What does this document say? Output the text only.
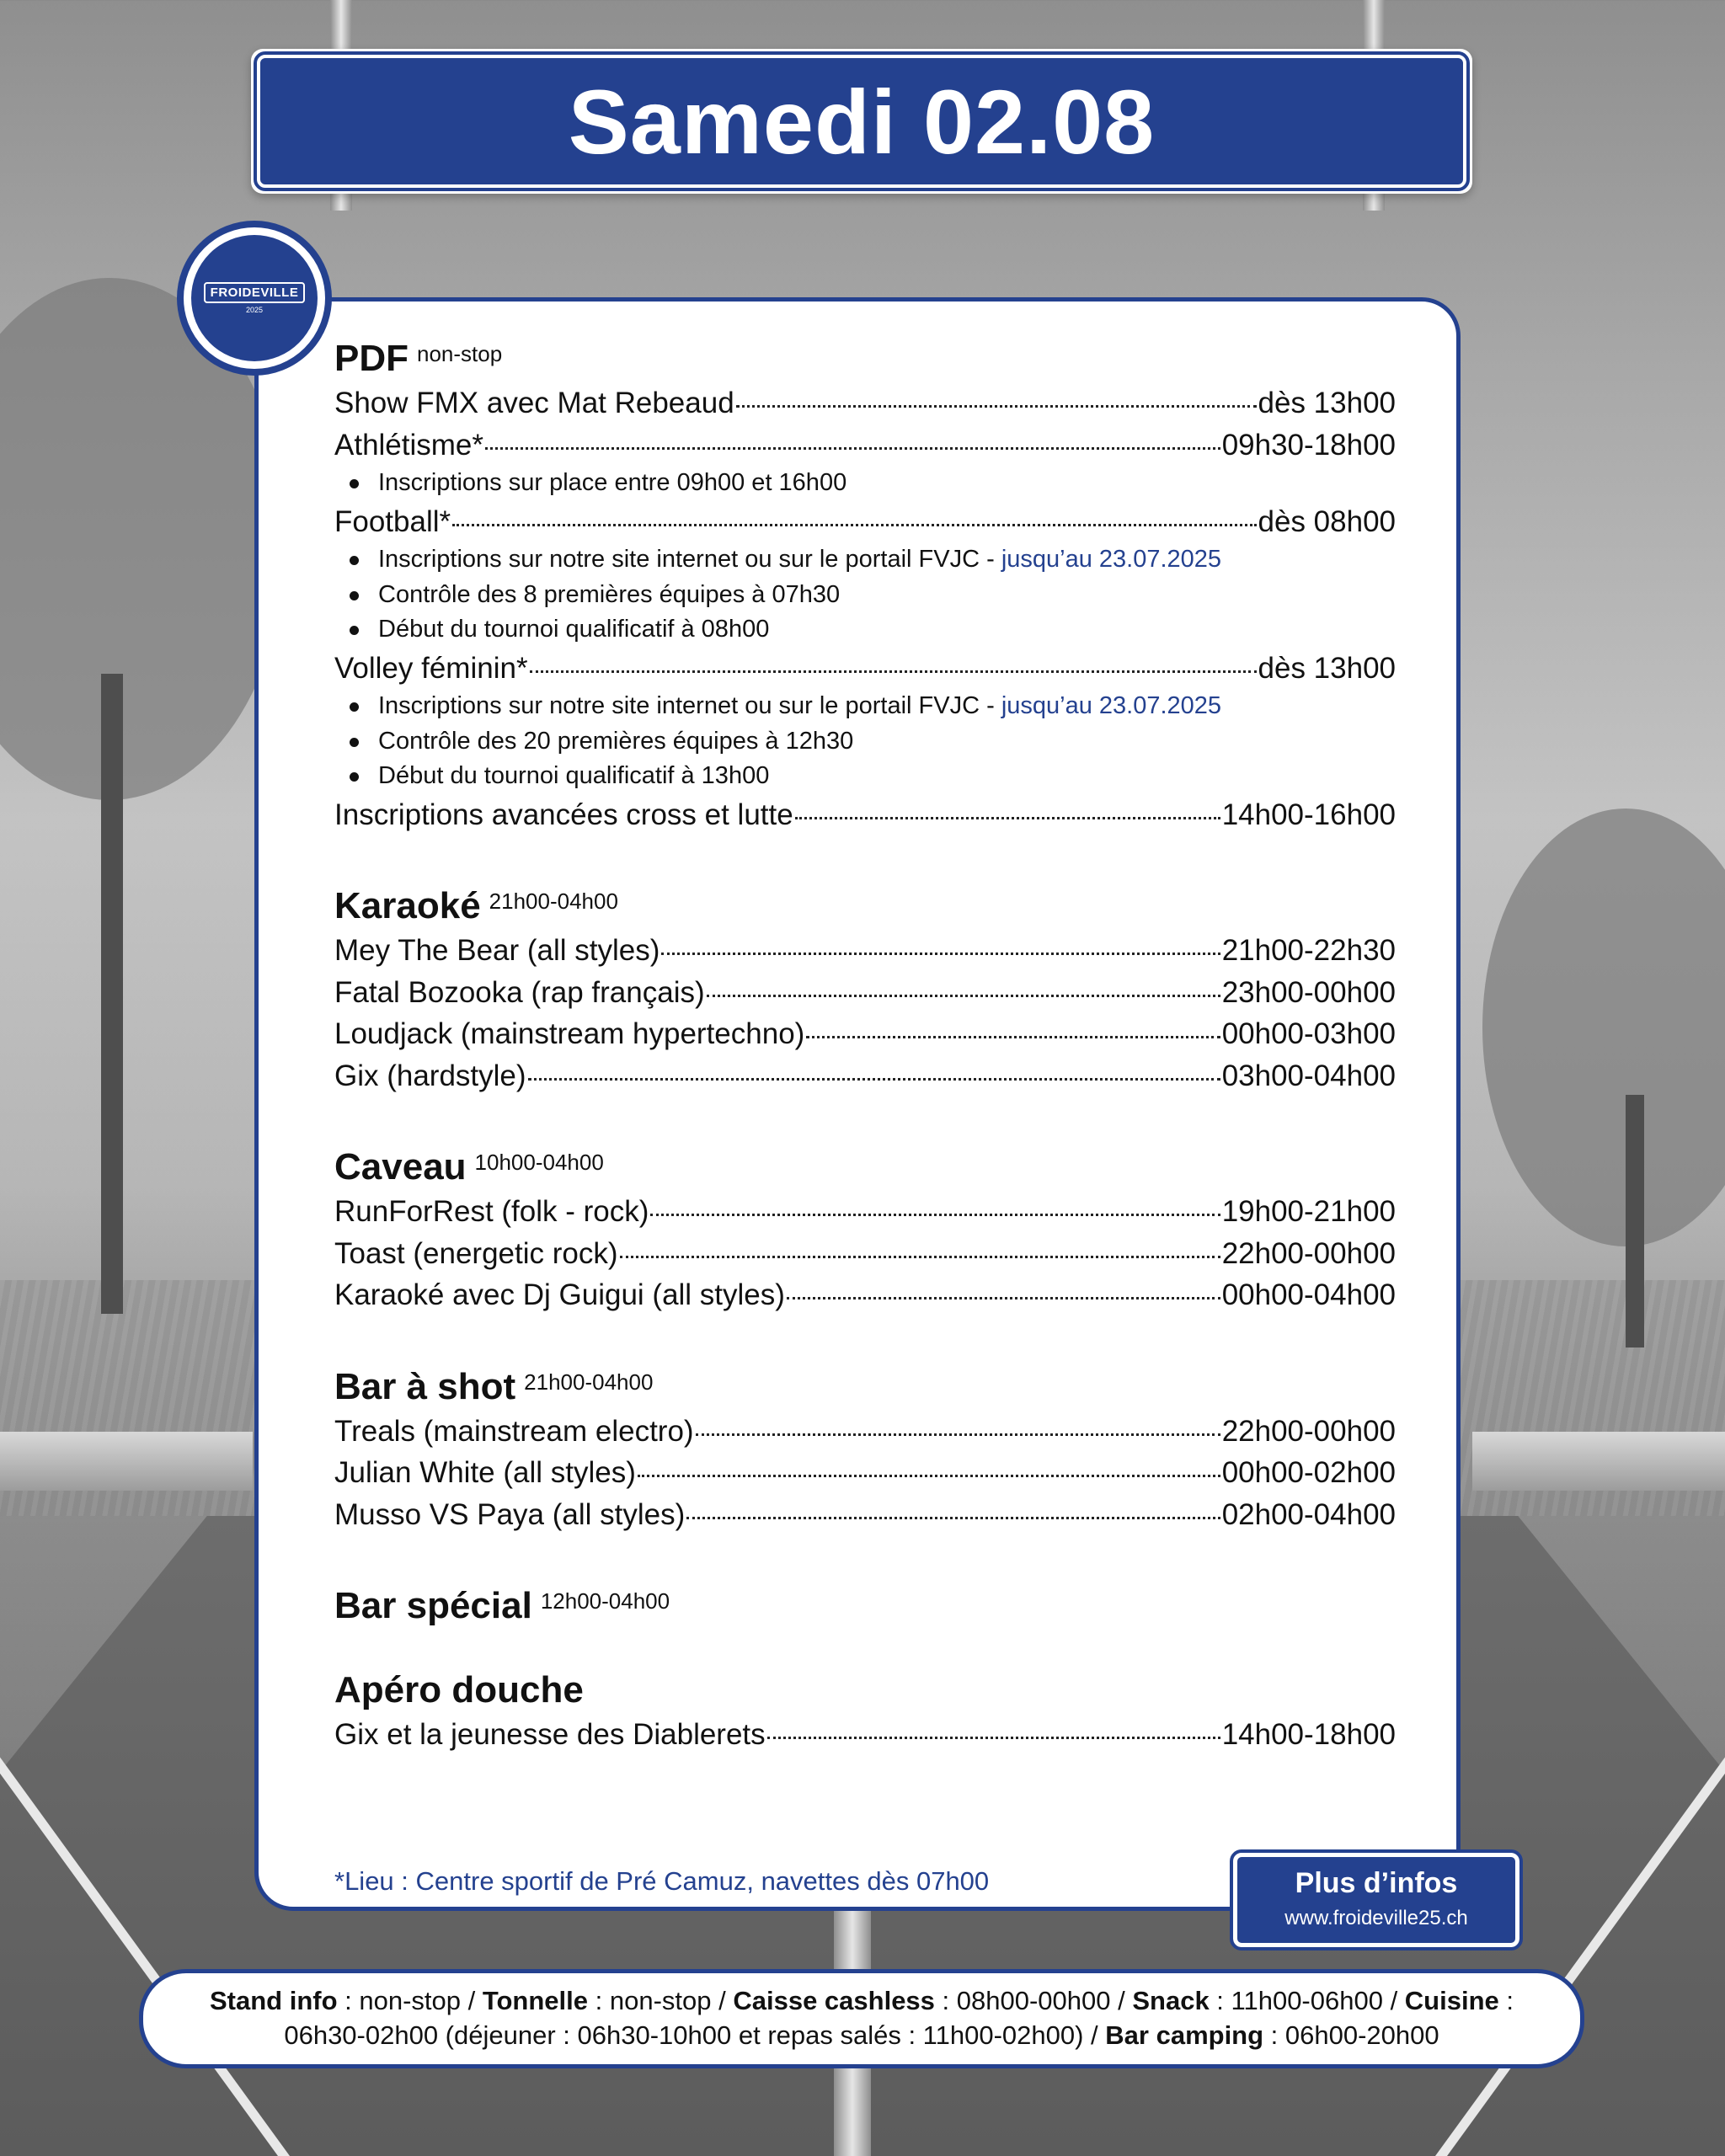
Samedi 02.08
PDF non-stop
Show FMX avec Mat Rebeaud	dès 13h00
Athlétisme*	09h30-18h00
Inscriptions sur place entre 09h00 et 16h00
Football*	dès 08h00
Inscriptions sur notre site internet ou sur le portail FVJC - jusqu’au 23.07.2025
Contrôle des 8 premières équipes à 07h30
Début du tournoi qualificatif à 08h00
Volley féminin*	dès 13h00
Inscriptions sur notre site internet ou sur le portail FVJC - jusqu’au 23.07.2025
Contrôle des 20 premières équipes à 12h30
Début du tournoi qualificatif à 13h00
Inscriptions avancées cross et lutte	14h00-16h00
Karaoké 21h00-04h00
Mey The Bear (all styles)	21h00-22h30
Fatal Bozooka (rap français)	23h00-00h00
Loudjack (mainstream hypertechno)	00h00-03h00
Gix (hardstyle)	03h00-04h00
Caveau 10h00-04h00
RunForRest (folk - rock)	19h00-21h00
Toast (energetic rock)	22h00-00h00
Karaoké avec Dj Guigui (all styles)	00h00-04h00
Bar à shot 21h00-04h00
Treals (mainstream electro)	22h00-00h00
Julian White (all styles)	00h00-02h00
Musso VS Paya (all styles)	02h00-04h00
Bar spécial 12h00-04h00
Apéro douche
Gix et la jeunesse des Diablerets	14h00-18h00

*Lieu : Centre sportif de Pré Camuz, navettes dès 07h00

FROIDEVILLE
2025
Plus d’infos
www.froideville25.ch
Stand info : non-stop / Tonnelle : non-stop / Caisse cashless : 08h00-00h00 / Snack : 11h00-06h00 / Cuisine :
06h30-02h00 (déjeuner : 06h30-10h00 et repas salés : 11h00-02h00) / Bar camping : 06h00-20h00
